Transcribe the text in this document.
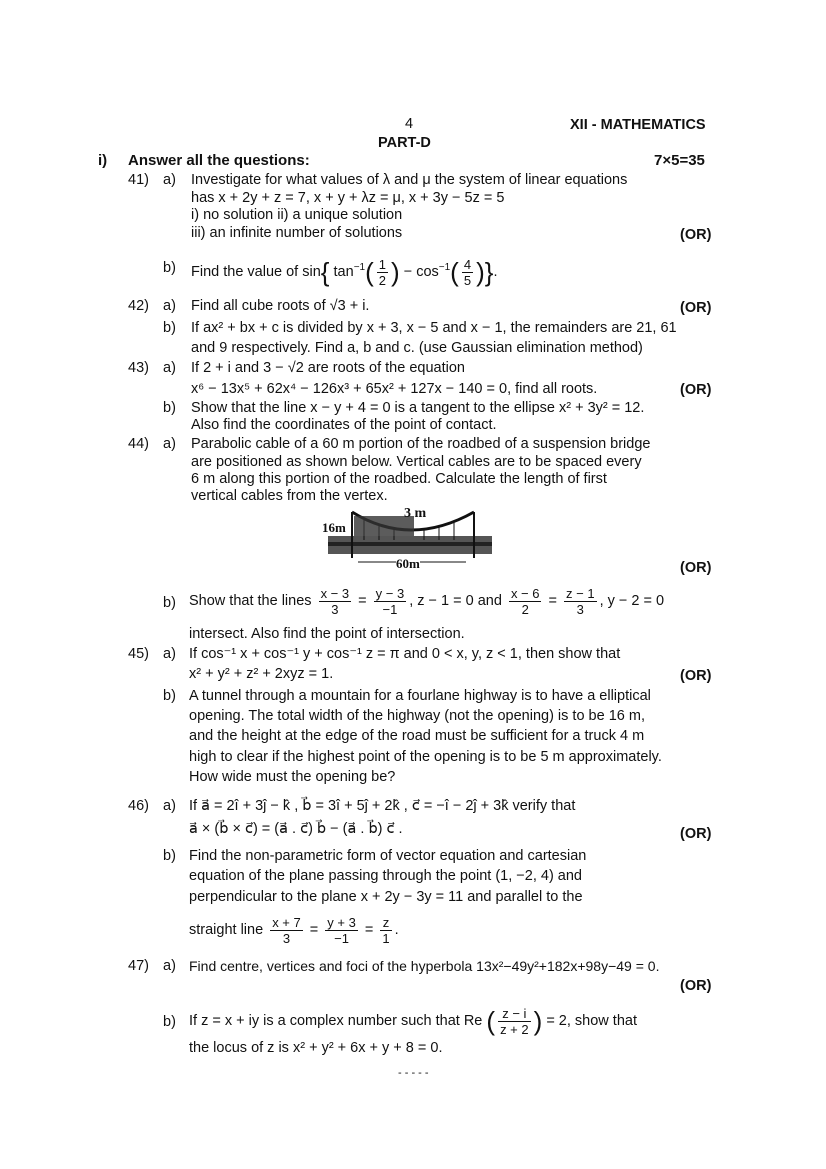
4	XII - MATHEMATICS
PART-D
i) Answer all the questions:	7×5=35
41) a) Investigate for what values of λ and μ the system of linear equations
has x + 2y + z = 7, x + y + λz = μ, x + 3y − 5z = 5
i) no solution ii) a unique solution
iii) an infinite number of solutions	(OR)
b) Find the value of sin{ $\tan^{-1}( \frac{1}{2}$ ) − $\cos^{-1}( \frac{4}{5}$ )}.
42) a) Find all cube roots of √3 + i.	(OR)
b) If ax² + bx + c is divided by x + 3, x − 5 and x − 1, the remainders are 21, 61
and 9 respectively. Find a, b and c. (use Gaussian elimination method)
43) a) If 2 + i and 3 − √2 are roots of the equation
x⁶ − 13x⁵ + 62x⁴ − 126x³ + 65x² + 127x − 140 = 0, find all roots.	(OR)
b) Show that the line x − y + 4 = 0 is a tangent to the ellipse x² + 3y² = 12.
Also find the coordinates of the point of contact.
44) a) Parabolic cable of a 60 m portion of the roadbed of a suspension bridge
are positioned as shown below. Vertical cables are to be spaced every
6 m along this portion of the roadbed. Calculate the length of first
vertical cables from the vertex.
3 m
16m
60m	(OR)
b) Show that the lines $\frac{x - 3}{3} = \frac{y - 3}{-1}$ , z − 1 = 0 and $\frac{x - 6}{2} = \frac{z - 1}{3}$ , y − 2 = 0
intersect. Also find the point of intersection.
45) a) If cos⁻¹ x + cos⁻¹ y + cos⁻¹ z = π and 0 < x, y, z < 1, then show that
x² + y² + z² + 2xyz = 1.	(OR)
b) A tunnel through a mountain for a fourlane highway is to have a elliptical
opening. The total width of the highway (not the opening) is to be 16 m,
and the height at the edge of the road must be sufficient for a truck 4 m
high to clear if the highest point of the opening is to be 5 m approximately.
How wide must the opening be?
46) a) If a⃗ = 2î + 3ĵ − k̂ , b⃗ = 3î + 5ĵ + 2k̂ , c⃗ = −î − 2ĵ + 3k̂ verify that
a⃗ × (b⃗ × c⃗) = (a⃗ . c⃗) b⃗ − (a⃗ . b⃗) c⃗ .	(OR)
b) Find the non-parametric form of vector equation and cartesian
equation of the plane passing through the point (1, −2, 4) and
perpendicular to the plane x + 2y − 3y = 11 and parallel to the
straight line $\frac{x + 7}{3} = \frac{y + 3}{-1} = \frac{z}{1}$ .
47) a) Find centre, vertices and foci of the hyperbola 13x²−49y²+182x+98y−49 = 0.
(OR)
b) If z = x + iy is a complex number such that Re ( $\frac{z - i}{z + 2}$ ) = 2, show that
the locus of z is x² + y² + 6x + y + 8 = 0.
- - - - -
